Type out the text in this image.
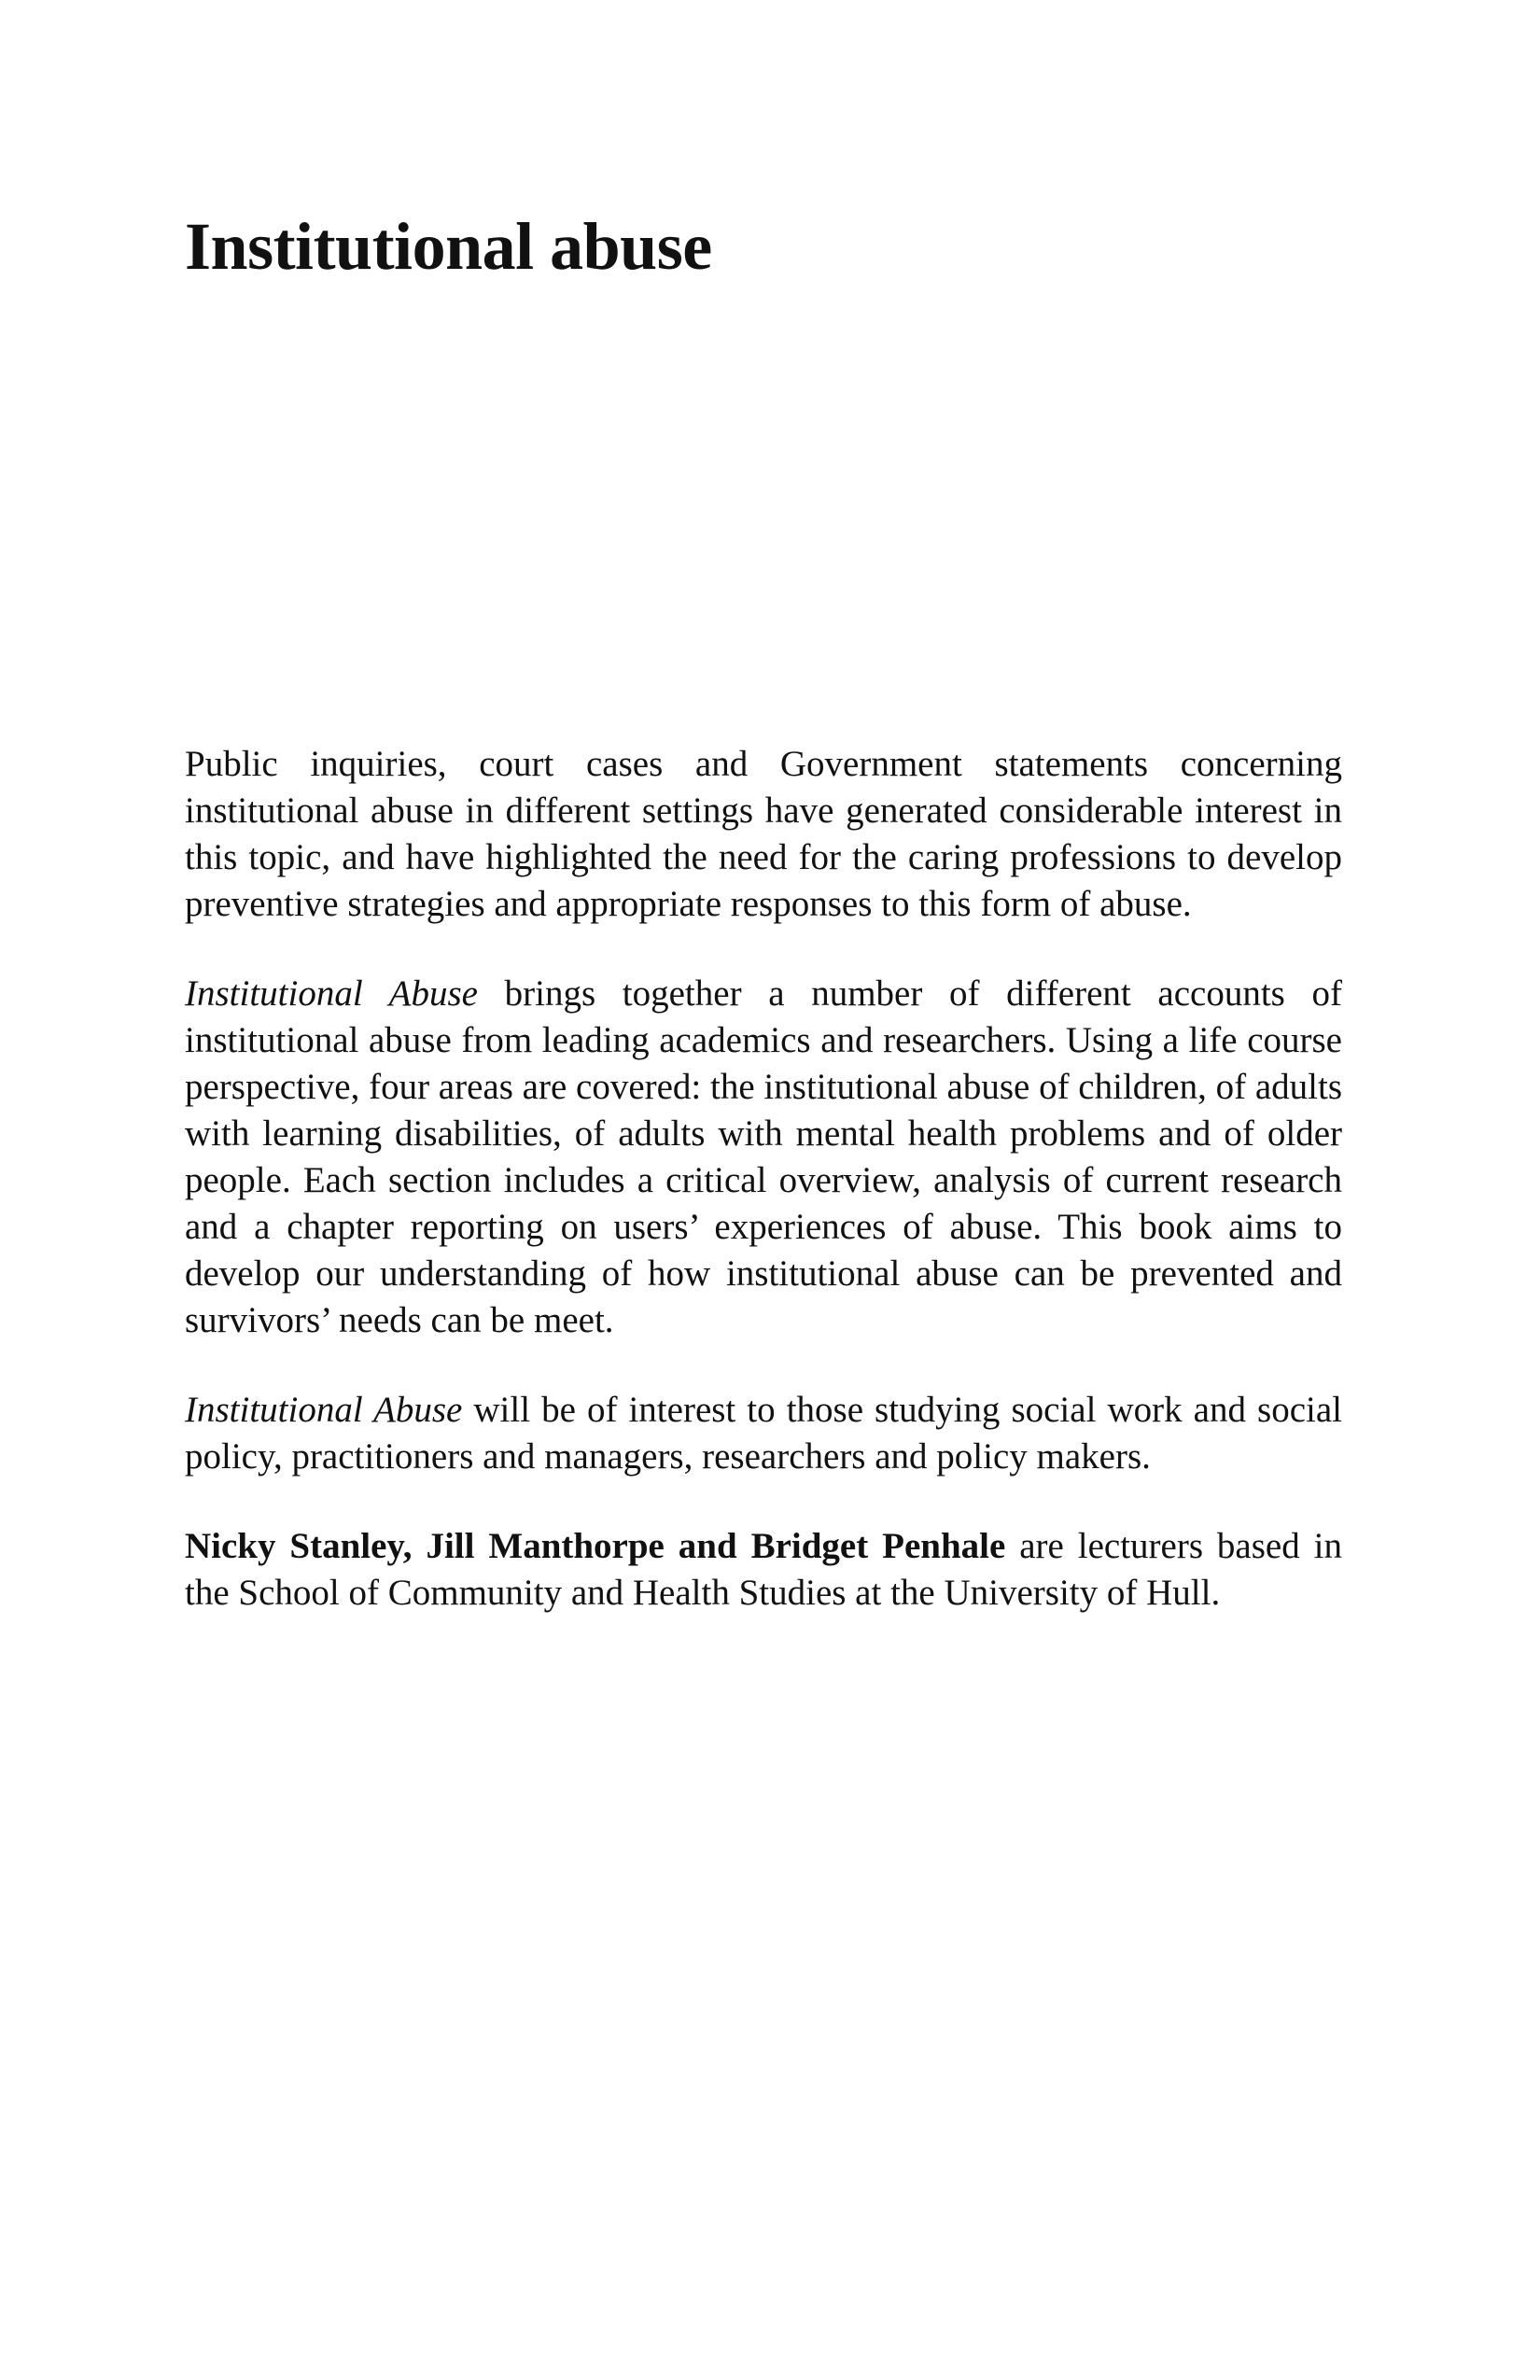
Institutional abuse

Public inquiries, court cases and Government statements concerning institutional abuse in different settings have generated considerable interest in this topic, and have highlighted the need for the caring professions to develop preventive strategies and appropriate responses to this form of abuse.

Institutional Abuse brings together a number of different accounts of institutional abuse from leading academics and researchers. Using a life course perspective, four areas are covered: the institutional abuse of children, of adults with learning disabilities, of adults with mental health problems and of older people. Each section includes a critical overview, analysis of current research and a chapter reporting on users’ experiences of abuse. This book aims to develop our understanding of how institutional abuse can be prevented and survivors’ needs can be meet.

Institutional Abuse will be of interest to those studying social work and social policy, practitioners and managers, researchers and policy makers.

Nicky Stanley, Jill Manthorpe and Bridget Penhale are lecturers based in the School of Community and Health Studies at the University of Hull.
